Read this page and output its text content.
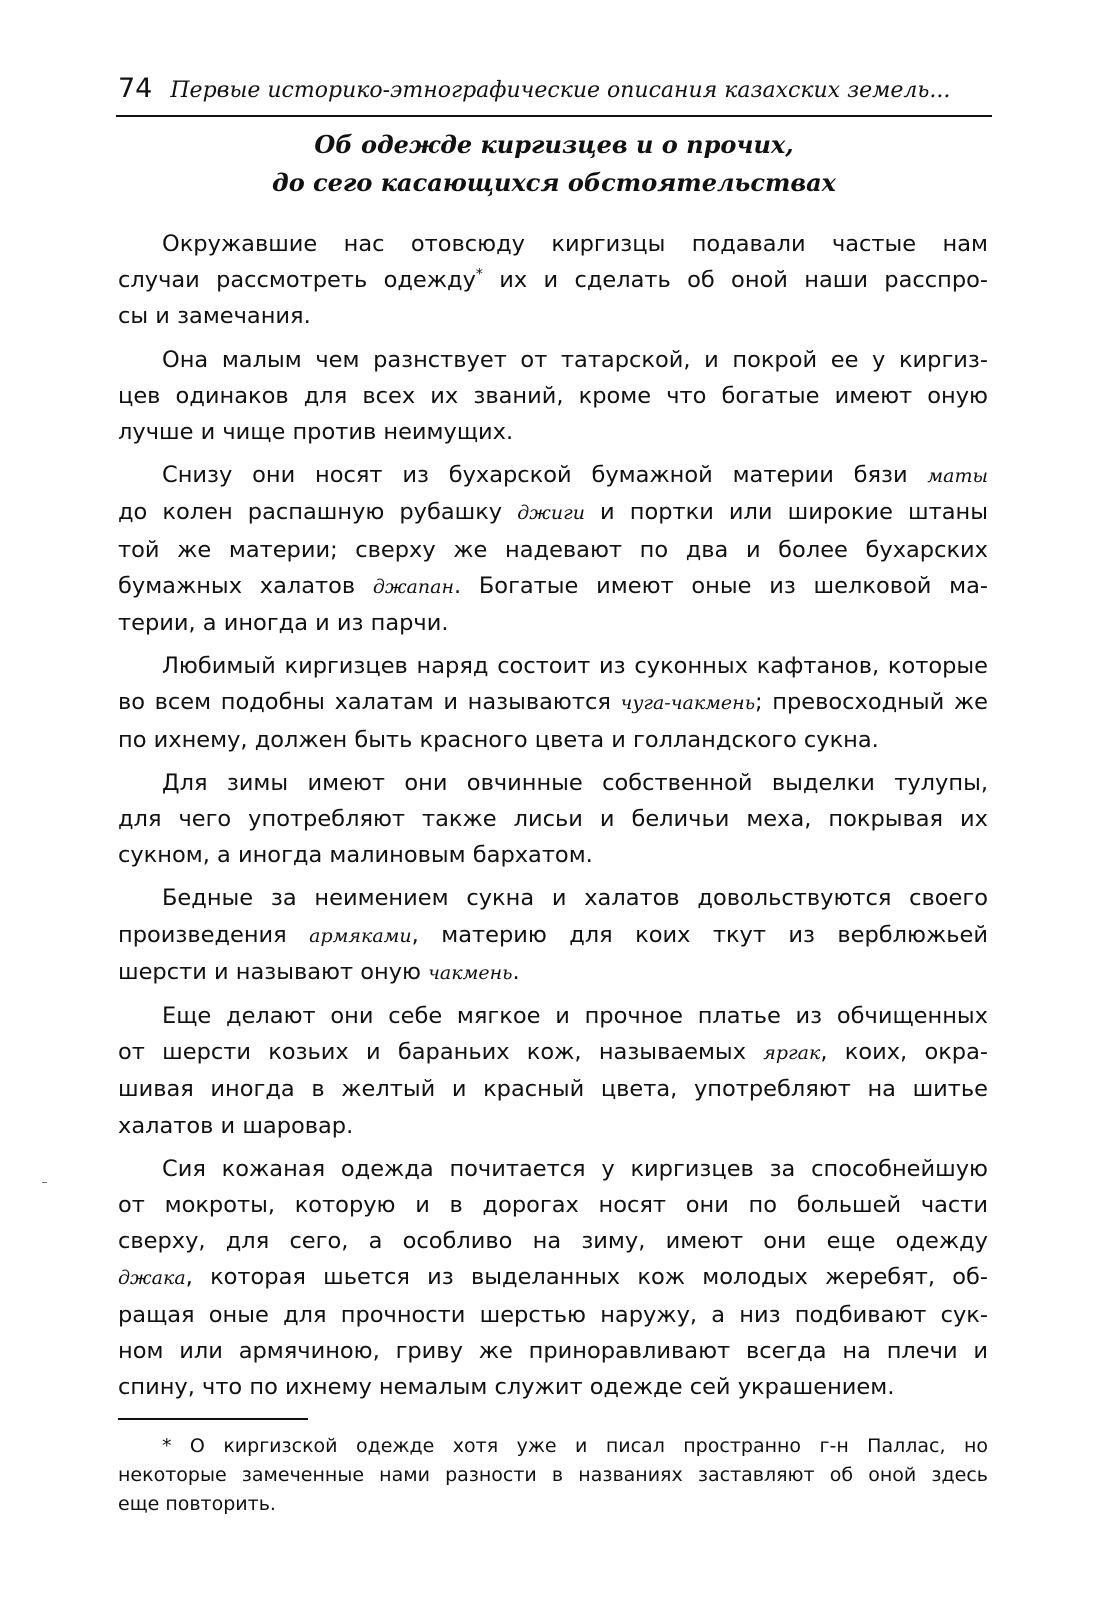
74 Первые историко-этнографические описания казахских земель...
Об одежде киргизцев и о прочих,
до сего касающихся обстоятельствах
Окружавшие нас отовсюду киргизцы подавали частые нам
случаи рассмотреть одежду* их и сделать об оной наши расспро-
сы и замечания.
Она малым чем разнствует от татарской, и покрой ее у киргиз-
цев одинаков для всех их званий, кроме что богатые имеют оную
лучше и чище против неимущих.
Снизу они носят из бухарской бумажной материи бязи маты
до колен распашную рубашку джиги и портки или широкие штаны
той же материи; сверху же надевают по два и более бухарских
бумажных халатов джапан. Богатые имеют оные из шелковой ма-
терии, а иногда и из парчи.
Любимый киргизцев наряд состоит из суконных кафтанов, которые
во всем подобны халатам и называются чуга-чакмень; превосходный же
по ихнему, должен быть красного цвета и голландского сукна.
Для зимы имеют они овчинные собственной выделки тулупы,
для чего употребляют также лисьи и беличьи меха, покрывая их
сукном, а иногда малиновым бархатом.
Бедные за неимением сукна и халатов довольствуются своего
произведения армяками, материю для коих ткут из верблюжьей
шерсти и называют оную чакмень.
Еще делают они себе мягкое и прочное платье из обчищенных
от шерсти козьих и бараньих кож, называемых яргак, коих, окра-
шивая иногда в желтый и красный цвета, употребляют на шитье
халатов и шаровар.
Сия кожаная одежда почитается у киргизцев за способнейшую
от мокроты, которую и в дорогах носят они по большей части
сверху, для сего, а особливо на зиму, имеют они еще одежду
джака, которая шьется из выделанных кож молодых жеребят, об-
ращая оные для прочности шерстью наружу, а низ подбивают сук-
ном или армячиною, гриву же приноравливают всегда на плечи и
спину, что по ихнему немалым служит одежде сей украшением.
* О киргизской одежде хотя уже и писал пространно г-н Паллас, но
некоторые замеченные нами разности в названиях заставляют об оной здесь
еще повторить.
